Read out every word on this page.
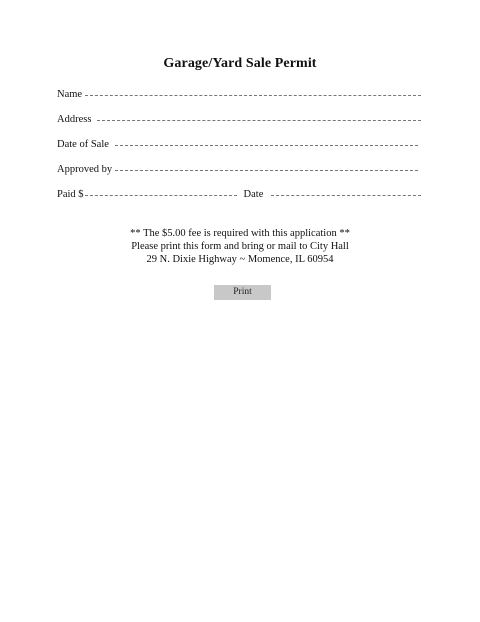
Garage/Yard Sale Permit
Name
Address
Date of Sale
Approved by
Paid $	Date
** The $5.00 fee is required with this application **
Please print this form and bring or mail to City Hall
29 N. Dixie Highway ~ Momence, IL 60954
Print
